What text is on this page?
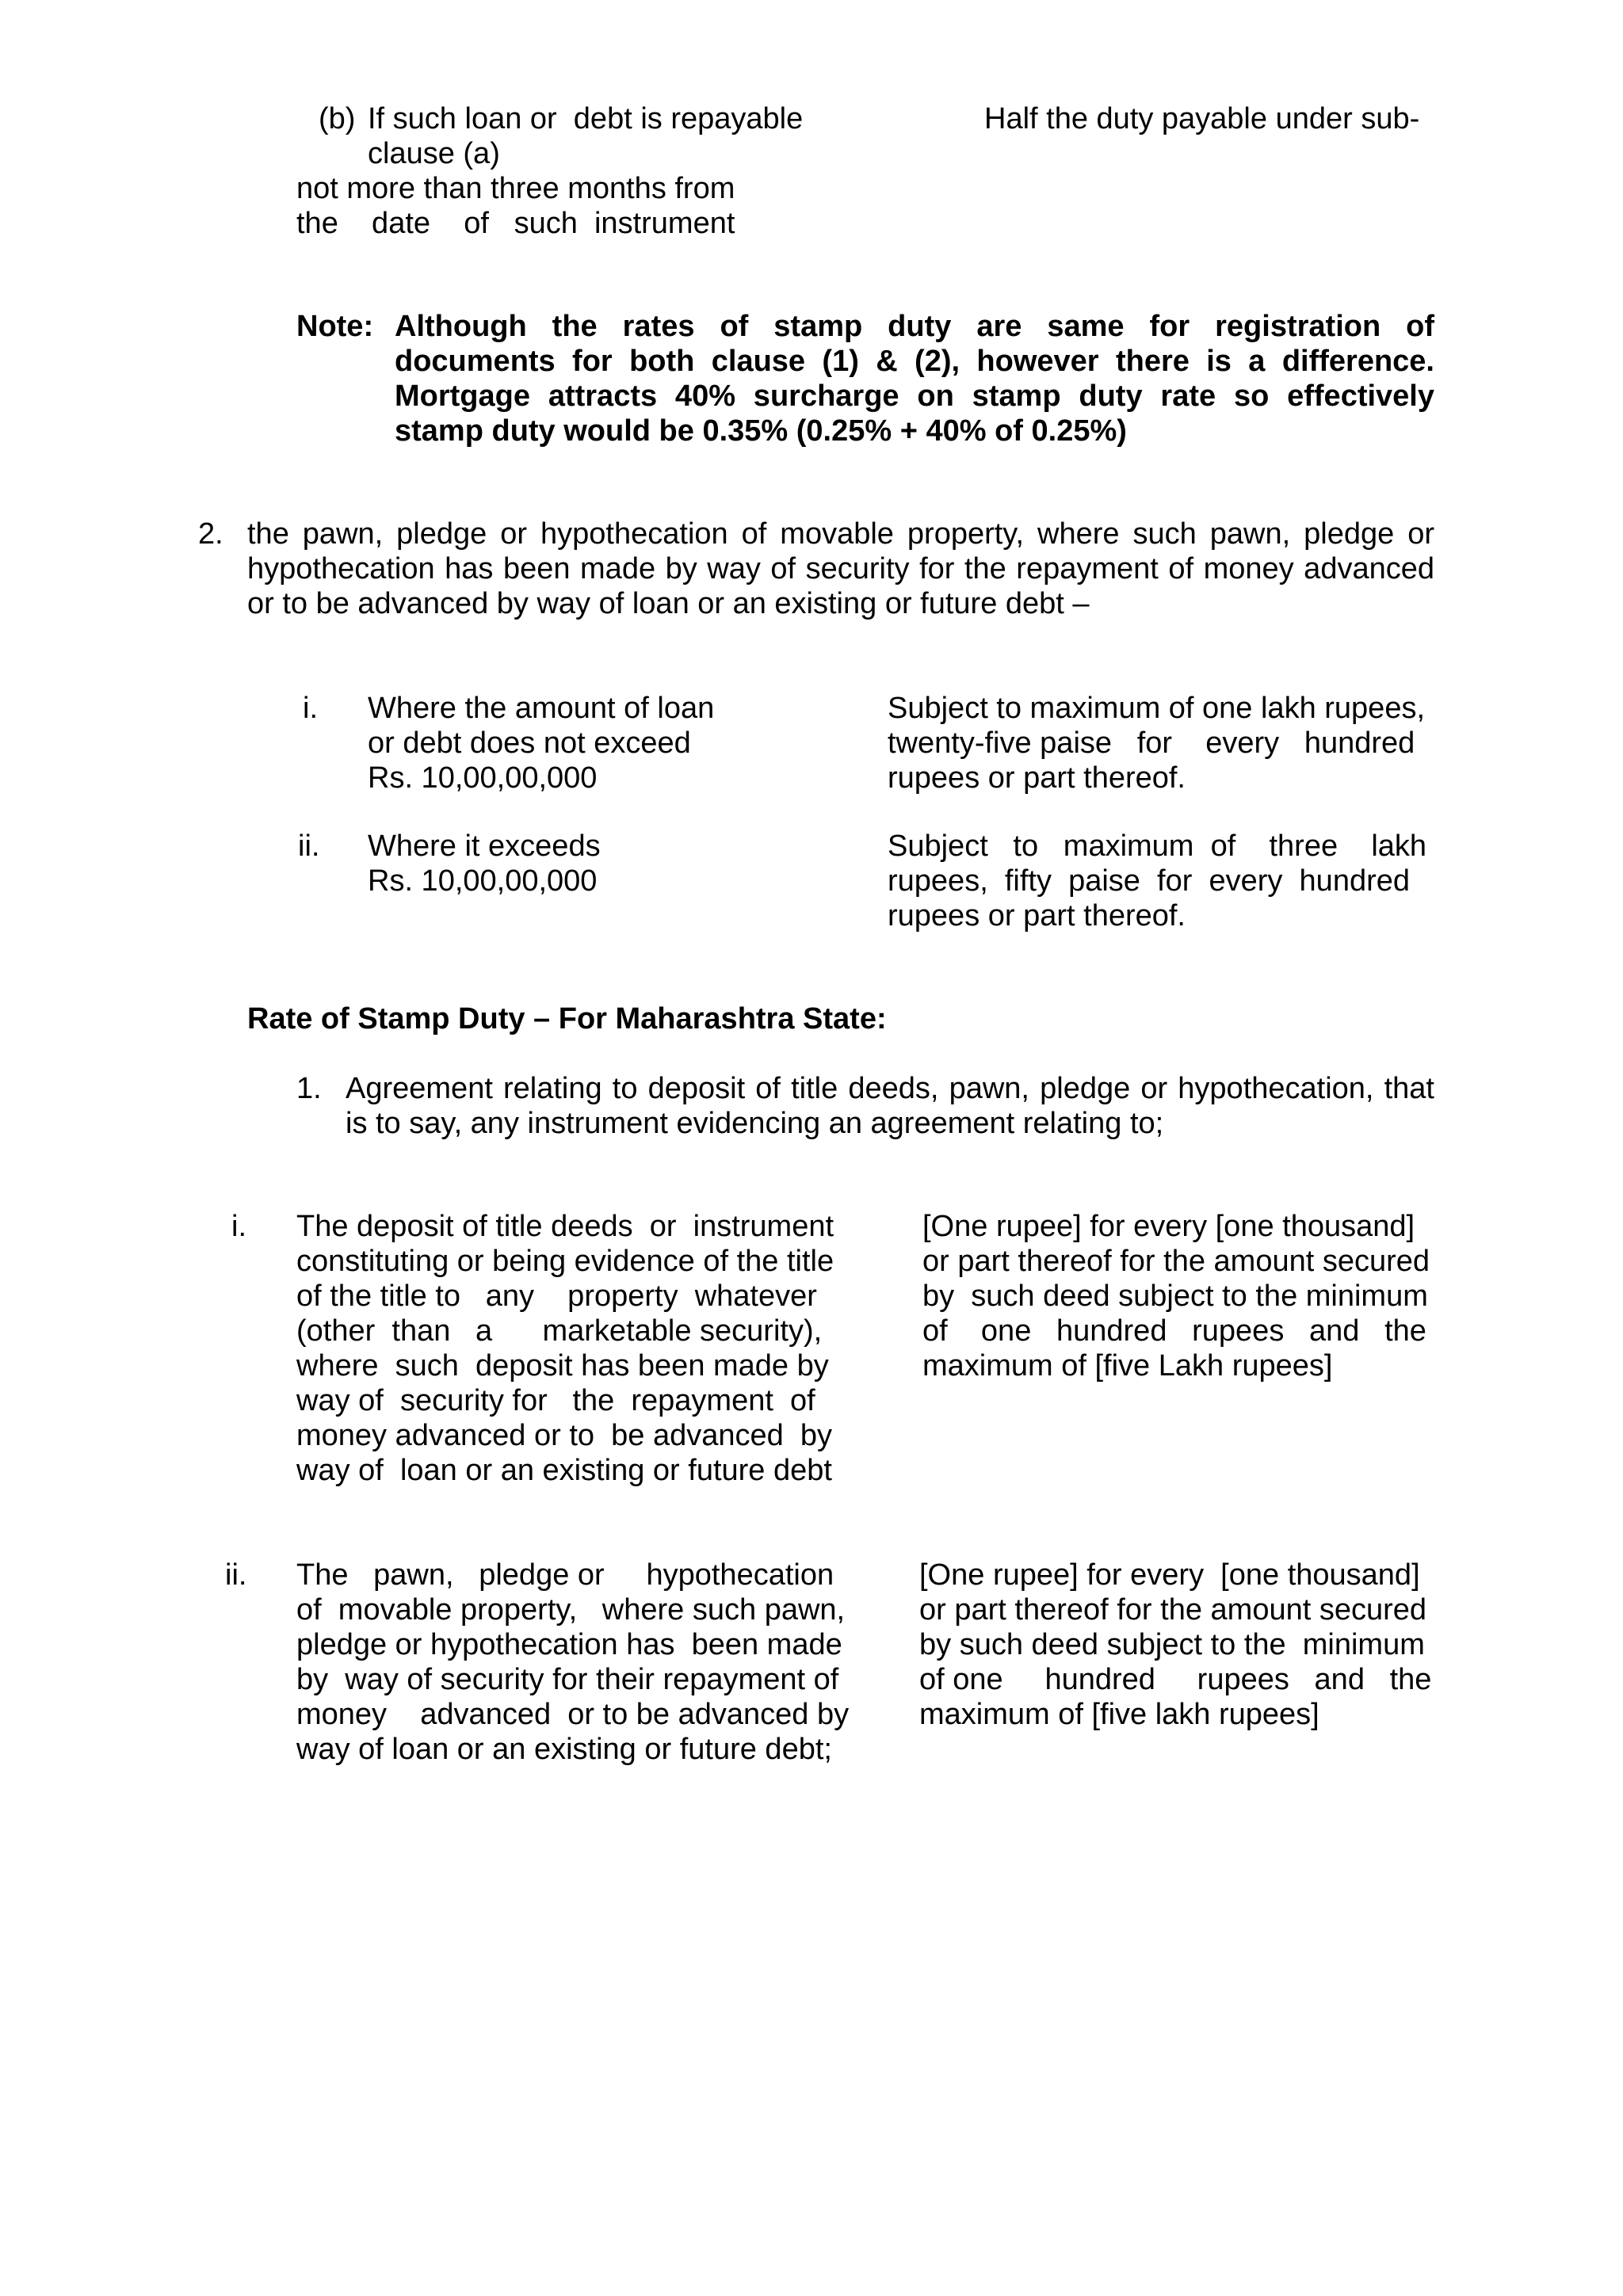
(b) If such loan or  debt is repayable
clause (a)
not more than three months from
the    date    of   such  instrument
Half the duty payable under sub-
Note: Although the rates of stamp duty are same for registration of
documents for both clause (1) & (2), however there is a difference.
Mortgage attracts 40% surcharge on stamp duty rate so effectively
stamp duty would be 0.35% (0.25% + 40% of 0.25%)
2. the pawn, pledge or hypothecation of movable property, where such pawn, pledge or
hypothecation has been made by way of security for the repayment of money advanced
or to be advanced by way of loan or an existing or future debt –
i. Where the amount of loan
or debt does not exceed
Rs. 10,00,00,000
Subject to maximum of one lakh rupees,
twenty-five paise   for    every   hundred
rupees or part thereof.
ii. Where it exceeds
Rs. 10,00,00,000
Subject   to   maximum  of    three    lakh
rupees,  fifty  paise  for  every  hundred
rupees or part thereof.
Rate of Stamp Duty – For Maharashtra State:
1. Agreement relating to deposit of title deeds, pawn, pledge or hypothecation, that
is to say, any instrument evidencing an agreement relating to;
i. The deposit of title deeds  or  instrument
constituting or being evidence of the title
of the title to   any    property  whatever
(other  than   a      marketable security),
where  such  deposit has been made by
way of  security for   the  repayment  of
money advanced or to  be advanced  by
way of  loan or an existing or future debt
[One rupee] for every [one thousand]
or part thereof for the amount secured
by  such deed subject to the minimum
of    one   hundred   rupees   and   the
maximum of [five Lakh rupees]
ii. The   pawn,   pledge or     hypothecation
of  movable property,   where such pawn,
pledge or hypothecation has  been made
by  way of security for their repayment of
money    advanced  or to be advanced by
way of loan or an existing or future debt;
[One rupee] for every  [one thousand]
or part thereof for the amount secured
by such deed subject to the  minimum
of one     hundred     rupees   and   the
maximum of [five lakh rupees]
